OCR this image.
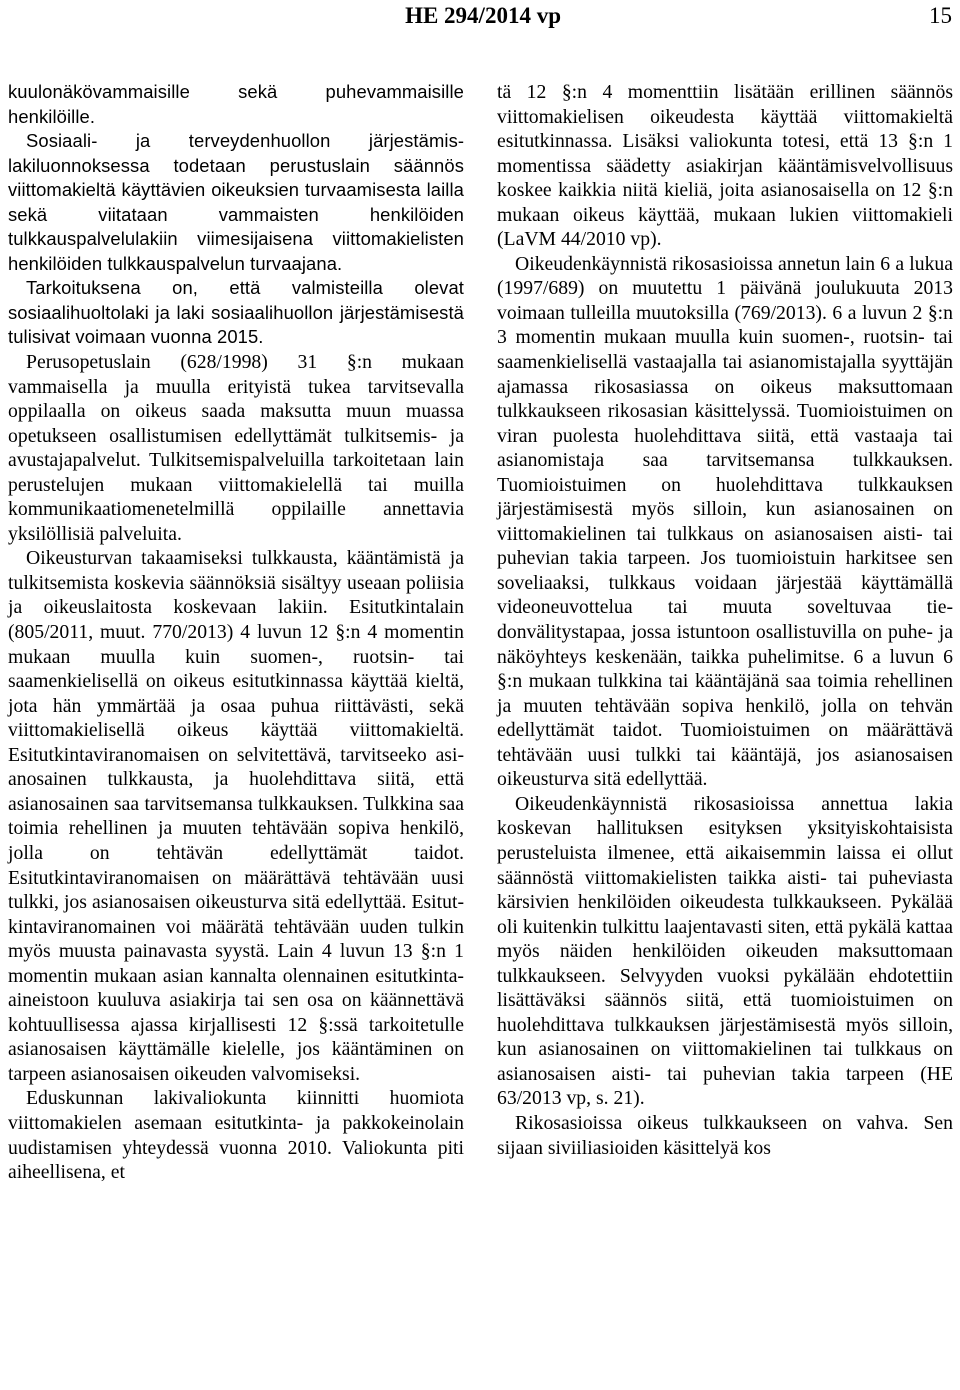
HE 294/2014 vp	15

kuulonäkövammaisille sekä puhevammaisille henkilöille.

Sosiaali- ja terveydenhuollon järjestämislakiluonnoksessa todetaan perustuslain säännös viittomakieltä käyttävien oikeuksien turvaamisesta lailla sekä viitataan vammaisten henkilöiden tulkkauspalvelulakiin viimesijaisena viittomakielisten henkilöiden tulkkauspalvelun turvaajana.

Tarkoituksena on, että valmisteilla olevat sosiaalihuoltolaki ja laki sosiaalihuollon järjestämisestä tulisivat voimaan vuonna 2015.

Perusopetuslain (628/1998) 31 §:n mukaan vammaisella ja muulla erityistä tukea tarvitsevalla oppilaalla on oikeus saada maksutta muun muassa opetukseen osallistumisen edellyttämät tulkitsemis- ja avustajapalvelut. Tulkitsemispalveluilla tarkoitetaan lain perustelujen mukaan viittomakielellä tai muilla kommunikaatiomenetelmillä oppilaille annettavia yksilöllisiä palveluita.

Oikeusturvan takaamiseksi tulkkausta, kääntämistä ja tulkitsemista koskevia säännöksiä sisältyy useaan poliisia ja oikeuslaitosta koskevaan lakiin. Esitutkintalain (805/2011, muut. 770/2013) 4 luvun 12 §:n 4 momentin mukaan muulla kuin suomen-, ruotsin- tai saamenkielisellä on oikeus esitutkinnassa käyttää kieltä, jota hän ymmärtää ja osaa puhua riittävästi, sekä viittomakielisellä oikeus käyttää viittomakieltä. Esitutkintaviranomaisen on selvitettävä, tarvitseeko asianosainen tulkkausta, ja huolehdittava siitä, että asianosainen saa tarvitsemansa tulkkauksen. Tulkkina saa toimia rehellinen ja muuten tehtävään sopiva henkilö, jolla on tehtävän edellyttämät taidot. Esitutkintaviranomaisen on määrättävä tehtävään uusi tulkki, jos asianosaisen oikeusturva sitä edellyttää. Esitutkintaviranomainen voi määrätä tehtävään uuden tulkin myös muusta painavasta syystä. Lain 4 luvun 13 §:n 1 momentin mukaan asian kannalta olennainen esitutkinta-aineistoon kuuluva asiakirja tai sen osa on käännettävä kohtuullisessa ajassa kirjallisesti 12 §:ssä tarkoitetulle asianosaisen käyttämälle kielelle, jos kääntäminen on tarpeen asianosaisen oikeuden valvomiseksi.

Eduskunnan lakivaliokunta kiinnitti huomiota viittomakielen asemaan esitutkinta- ja pakkokeinolain uudistamisen yhteydessä vuonna 2010. Valiokunta piti aiheellisena, et

tä 12 §:n 4 momenttiin lisätään erillinen säännös viittomakielisen oikeudesta käyttää viittomakieltä esitutkinnassa. Lisäksi valiokunta totesi, että 13 §:n 1 momentissa säädetty asiakirjan kääntämisvelvollisuus koskee kaikkia niitä kieliä, joita asianosaisella on 12 §:n mukaan oikeus käyttää, mukaan lukien viittomakieli (LaVM 44/2010 vp).

Oikeudenkäynnistä rikosasioissa annetun lain 6 a lukua (1997/689) on muutettu 1 päivänä joulukuuta 2013 voimaan tulleilla muutoksilla (769/2013). 6 a luvun 2 §:n 3 momentin mukaan muulla kuin suomen-, ruotsin- tai saamenkielisellä vastaajalla tai asianomistajalla syyttäjän ajamassa rikosasiassa on oikeus maksuttomaan tulkkaukseen rikosasian käsittelyssä. Tuomioistuimen on viran puolesta huolehdittava siitä, että vastaaja tai asianomistaja saa tarvitsemansa tulkkauksen. Tuomioistuimen on huolehdittava tulkkauksen järjestämisestä myös silloin, kun asianosainen on viittomakielinen tai tulkkaus on asianosaisen aisti- tai puhevian takia tarpeen. Jos tuomioistuin harkitsee sen soveliaaksi, tulkkaus voidaan järjestää käyttämällä videoneuvottelua tai muuta soveltuvaa tiedonvälitystapaa, jossa istuntoon osallistuvilla on puhe- ja näköyhteys keskenään, taikka puhelimitse. 6 a luvun 6 §:n mukaan tulkkina tai kääntäjänä saa toimia rehellinen ja muuten tehtävään sopiva henkilö, jolla on tehvän edellyttämät taidot. Tuomioistuimen on määrättävä tehtävään uusi tulkki tai kääntäjä, jos asianosaisen oikeusturva sitä edellyttää.

Oikeudenkäynnistä rikosasioissa annettua lakia koskevan hallituksen esityksen yksityiskohtaisista perusteluista ilmenee, että aikaisemmin laissa ei ollut säännöstä viittomakielisten taikka aisti- tai puheviasta kärsivien henkilöiden oikeudesta tulkkaukseen. Pykälää oli kuitenkin tulkittu laajentavasti siten, että pykälä kattaa myös näiden henkilöiden oikeuden maksuttomaan tulkkaukseen. Selvyyden vuoksi pykälään ehdotettiin lisättäväksi säännös siitä, että tuomioistuimen on huolehdittava tulkkauksen järjestämisestä myös silloin, kun asianosainen on viittomakielinen tai tulkkaus on asianosaisen aisti- tai puhevian takia tarpeen (HE 63/2013 vp, s. 21).

Rikosasioissa oikeus tulkkaukseen on vahva. Sen sijaan siviiliasioiden käsittelyä kos
